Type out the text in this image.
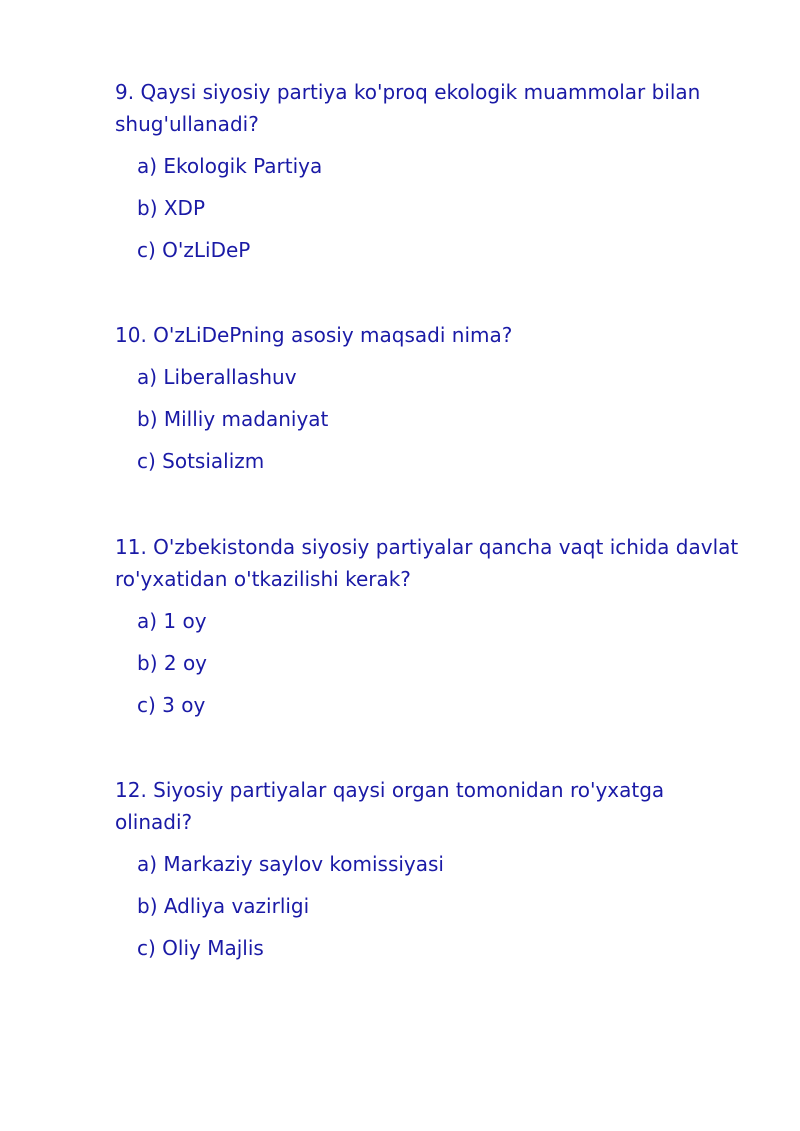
9. Qaysi siyosiy partiya ko'proq ekologik muammolar bilan shug'ullanadi?

a) Ekologik Partiya
b) XDP
c) O'zLiDeP

10. O'zLiDePning asosiy maqsadi nima?

a) Liberallashuv
b) Milliy madaniyat
c) Sotsializm

11. O'zbekistonda siyosiy partiyalar qancha vaqt ichida davlat ro'yxatidan o'tkazilishi kerak?

a) 1 oy
b) 2 oy
c) 3 oy

12. Siyosiy partiyalar qaysi organ tomonidan ro'yxatga olinadi?

a) Markaziy saylov komissiyasi
b) Adliya vazirligi
c) Oliy Majlis
